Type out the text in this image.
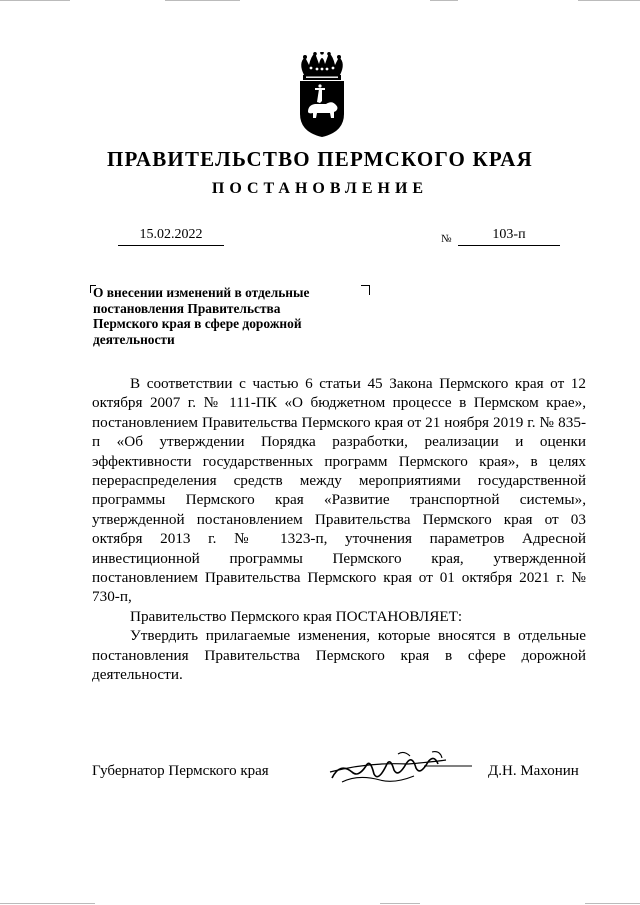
ПРАВИТЕЛЬСТВО ПЕРМСКОГО КРАЯ
ПОСТАНОВЛЕНИЕ
15.02.2022	№	103-п
О внесении изменений в отдельные
постановления Правительства
Пермского края в сфере дорожной
деятельности

В соответствии с частью 6 статьи 45 Закона Пермского края от 12 октября 2007 г. № 111-ПК «О бюджетном процессе в Пермском крае», постановлением Правительства Пермского края от 21 ноября 2019 г. № 835-п «Об утверждении Порядка разработки, реализации и оценки эффективности государственных программ Пермского края», в целях перераспределения средств между мероприятиями государственной программы Пермского края «Развитие транспортной системы», утвержденной постановлением Правительства Пермского края от 03 октября 2013 г. № 1323-п, уточнения параметров Адресной инвестиционной программы Пермского края, утвержденной постановлением Правительства Пермского края от 01 октября 2021 г. № 730-п,

Правительство Пермского края ПОСТАНОВЛЯЕТ:

Утвердить прилагаемые изменения, которые вносятся в отдельные постановления Правительства Пермского края в сфере дорожной деятельности.

Губернатор Пермского края	Д.Н. Махонин
